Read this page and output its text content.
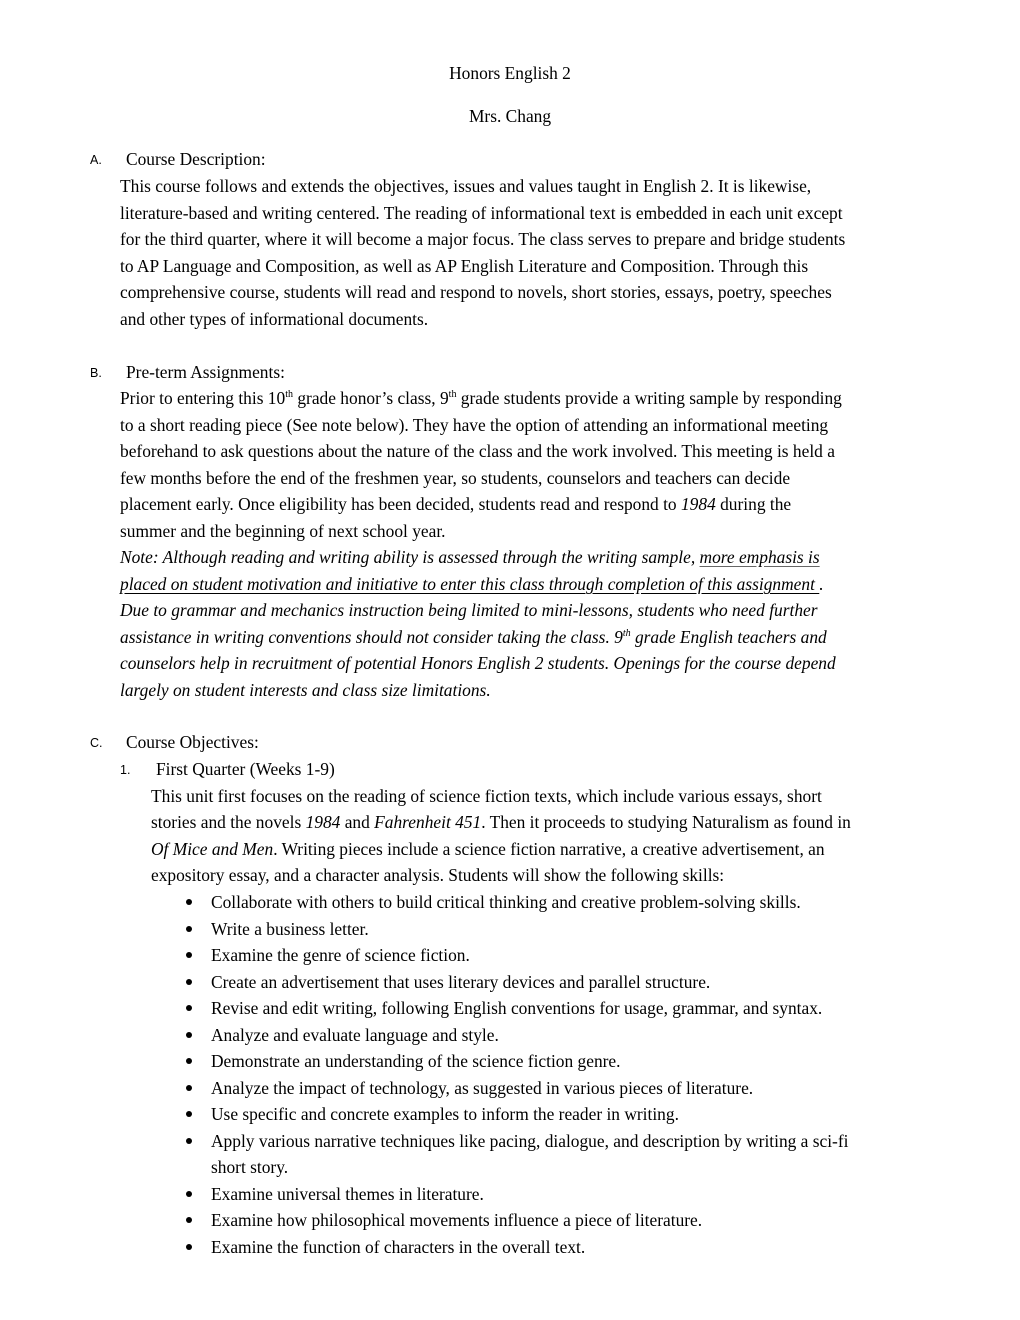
Honors English 2
Mrs. Chang
A. Course Description:
This course follows and extends the objectives, issues and values taught in English 2. It is likewise,
literature-based and writing centered. The reading of informational text is embedded in each unit except
for the third quarter, where it will become a major focus. The class serves to prepare and bridge students
to AP Language and Composition, as well as AP English Literature and Composition. Through this
comprehensive course, students will read and respond to novels, short stories, essays, poetry, speeches
and other types of informational documents.
B. Pre-term Assignments:
Prior to entering this 10th grade honor’s class, 9th grade students provide a writing sample by responding
to a short reading piece (See note below). They have the option of attending an informational meeting
beforehand to ask questions about the nature of the class and the work involved. This meeting is held a
few months before the end of the freshmen year, so students, counselors and teachers can decide
placement early. Once eligibility has been decided, students read and respond to 1984 during the
summer and the beginning of next school year.
Note: Although reading and writing ability is assessed through the writing sample, more emphasis is
placed on student motivation and initiative to enter this class through completion of this assignment .
Due to grammar and mechanics instruction being limited to mini-lessons, students who need further
assistance in writing conventions should not consider taking the class. 9th grade English teachers and
counselors help in recruitment of potential Honors English 2 students. Openings for the course depend
largely on student interests and class size limitations.
C. Course Objectives:
1. First Quarter (Weeks 1-9)
This unit first focuses on the reading of science fiction texts, which include various essays, short
stories and the novels 1984 and Fahrenheit 451. Then it proceeds to studying Naturalism as found in
Of Mice and Men. Writing pieces include a science fiction narrative, a creative advertisement, an
expository essay, and a character analysis. Students will show the following skills:
Collaborate with others to build critical thinking and creative problem-solving skills.
Write a business letter.
Examine the genre of science fiction.
Create an advertisement that uses literary devices and parallel structure.
Revise and edit writing, following English conventions for usage, grammar, and syntax.
Analyze and evaluate language and style.
Demonstrate an understanding of the science fiction genre.
Analyze the impact of technology, as suggested in various pieces of literature.
Use specific and concrete examples to inform the reader in writing.
Apply various narrative techniques like pacing, dialogue, and description by writing a sci-fi
short story.
Examine universal themes in literature.
Examine how philosophical movements influence a piece of literature.
Examine the function of characters in the overall text.
